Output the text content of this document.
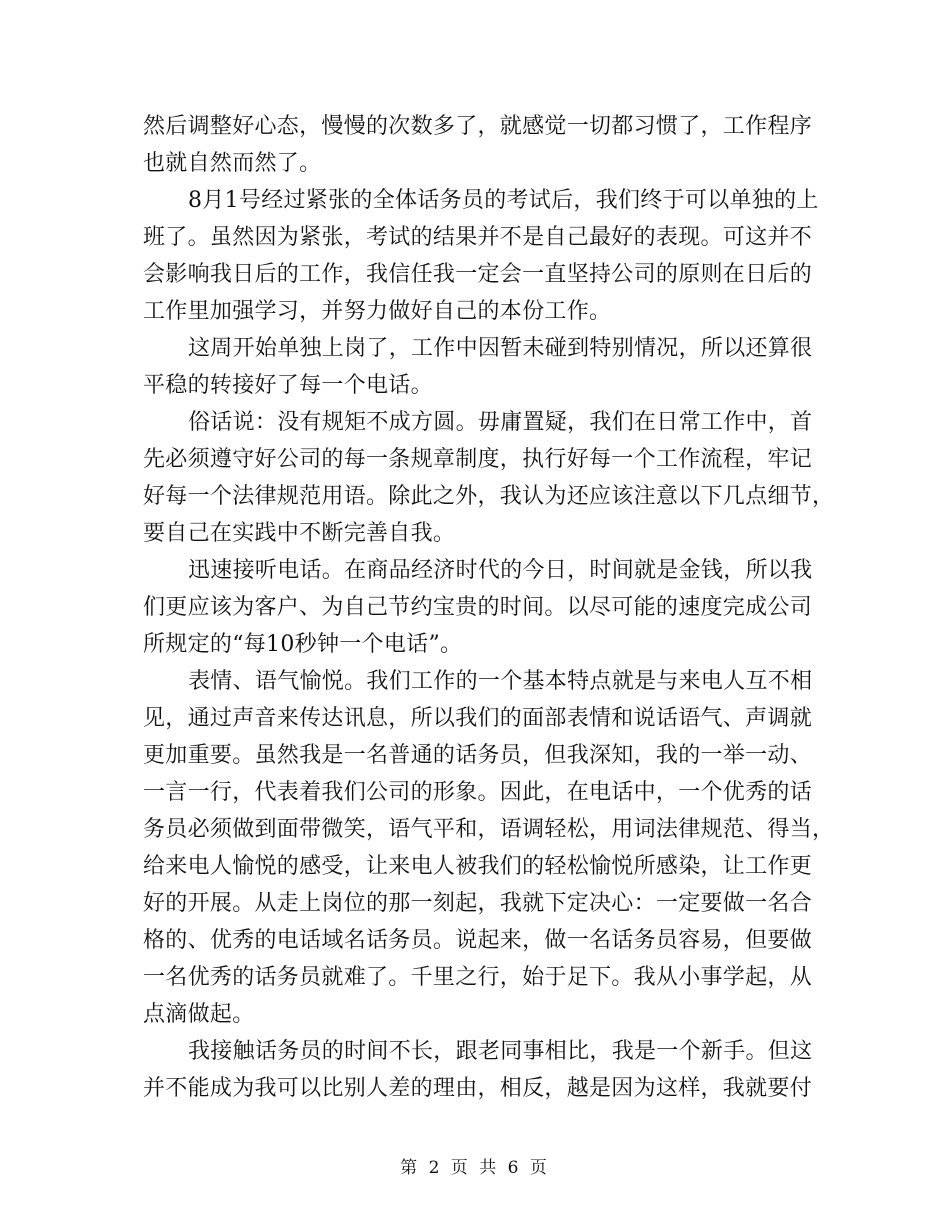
然后调整好心态，慢慢的次数多了，就感觉一切都习惯了，工作程序
也就自然而然了。
8月1号经过紧张的全体话务员的考试后，我们终于可以单独的上
班了。虽然因为紧张，考试的结果并不是自己最好的表现。可这并不
会影响我日后的工作，我信任我一定会一直坚持公司的原则在日后的
工作里加强学习，并努力做好自己的本份工作。
这周开始单独上岗了，工作中因暂未碰到特别情况，所以还算很
平稳的转接好了每一个电话。
俗话说：没有规矩不成方圆。毋庸置疑，我们在日常工作中，首
先必须遵守好公司的每一条规章制度，执行好每一个工作流程，牢记
好每一个法律规范用语。除此之外，我认为还应该注意以下几点细节，
要自己在实践中不断完善自我。
迅速接听电话。在商品经济时代的今日，时间就是金钱，所以我
们更应该为客户、为自己节约宝贵的时间。以尽可能的速度完成公司
所规定的“每10秒钟一个电话”。
表情、语气愉悦。我们工作的一个基本特点就是与来电人互不相
见，通过声音来传达讯息，所以我们的面部表情和说话语气、声调就
更加重要。虽然我是一名普通的话务员，但我深知，我的一举一动、
一言一行，代表着我们公司的形象。因此，在电话中，一个优秀的话
务员必须做到面带微笑，语气平和，语调轻松，用词法律规范、得当，
给来电人愉悦的感受，让来电人被我们的轻松愉悦所感染，让工作更
好的开展。从走上岗位的那一刻起，我就下定决心：一定要做一名合
格的、优秀的电话域名话务员。说起来，做一名话务员容易，但要做
一名优秀的话务员就难了。千里之行，始于足下。我从小事学起，从
点滴做起。
我接触话务员的时间不长，跟老同事相比，我是一个新手。但这
并不能成为我可以比别人差的理由，相反，越是因为这样，我就要付
第 2 页 共 6 页
